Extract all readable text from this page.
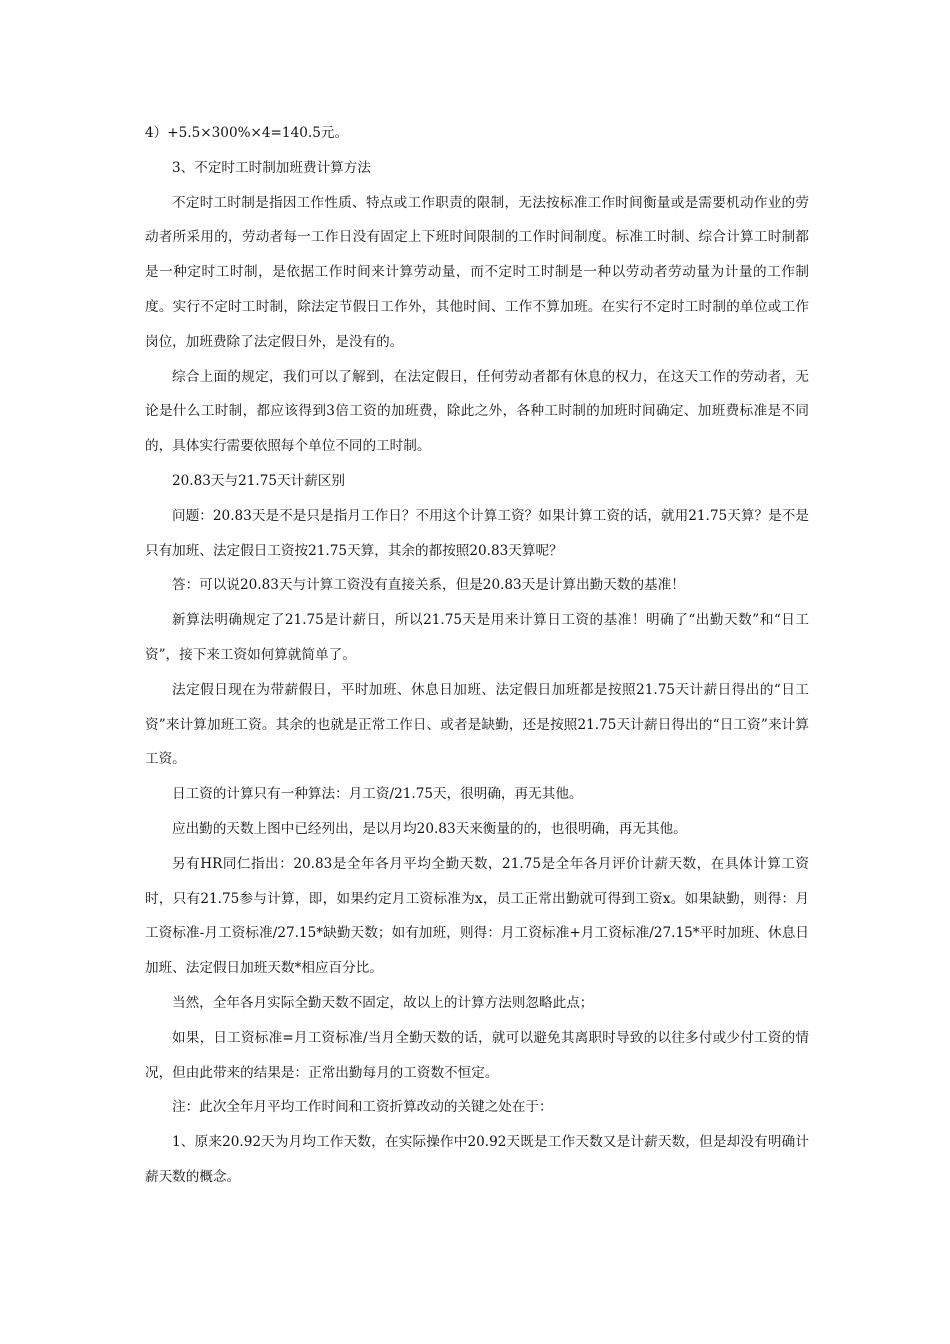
4）+5.5×300%×4=140.5元。

3、不定时工时制加班费计算方法

不定时工时制是指因工作性质、特点或工作职责的限制，无法按标准工作时间衡量或是需要机动作业的劳动者所采用的，劳动者每一工作日没有固定上下班时间限制的工作时间制度。标准工时制、综合计算工时制都是一种定时工时制，是依据工作时间来计算劳动量，而不定时工时制是一种以劳动者劳动量为计量的工作制度。实行不定时工时制，除法定节假日工作外，其他时间、工作不算加班。在实行不定时工时制的单位或工作岗位，加班费除了法定假日外，是没有的。

综合上面的规定，我们可以了解到，在法定假日，任何劳动者都有休息的权力，在这天工作的劳动者，无论是什么工时制，都应该得到3倍工资的加班费，除此之外，各种工时制的加班时间确定、加班费标准是不同的，具体实行需要依照每个单位不同的工时制。

20.83天与21.75天计薪区别

问题：20.83天是不是只是指月工作日？不用这个计算工资？如果计算工资的话，就用21.75天算？是不是只有加班、法定假日工资按21.75天算，其余的都按照20.83天算呢？

答：可以说20.83天与计算工资没有直接关系，但是20.83天是计算出勤天数的基准！

新算法明确规定了21.75是计薪日，所以21.75天是用来计算日工资的基准！明确了“出勤天数”和“日工资”，接下来工资如何算就简单了。

法定假日现在为带薪假日，平时加班、休息日加班、法定假日加班都是按照21.75天计薪日得出的“日工资”来计算加班工资。其余的也就是正常工作日、或者是缺勤，还是按照21.75天计薪日得出的“日工资”来计算工资。

日工资的计算只有一种算法：月工资/21.75天，很明确，再无其他。

应出勤的天数上图中已经列出，是以月均20.83天来衡量的的，也很明确，再无其他。

另有HR同仁指出：20.83是全年各月平均全勤天数，21.75是全年各月评价计薪天数，在具体计算工资时，只有21.75参与计算，即，如果约定月工资标准为x，员工正常出勤就可得到工资x。如果缺勤，则得：月工资标准-月工资标准/27.15*缺勤天数；如有加班，则得：月工资标准+月工资标准/27.15*平时加班、休息日加班、法定假日加班天数*相应百分比。

当然，全年各月实际全勤天数不固定，故以上的计算方法则忽略此点；

如果，日工资标准=月工资标准/当月全勤天数的话，就可以避免其离职时导致的以往多付或少付工资的情况，但由此带来的结果是：正常出勤每月的工资数不恒定。

注：此次全年月平均工作时间和工资折算改动的关键之处在于：

1、原来20.92天为月均工作天数，在实际操作中20.92天既是工作天数又是计薪天数，但是却没有明确计薪天数的概念。
